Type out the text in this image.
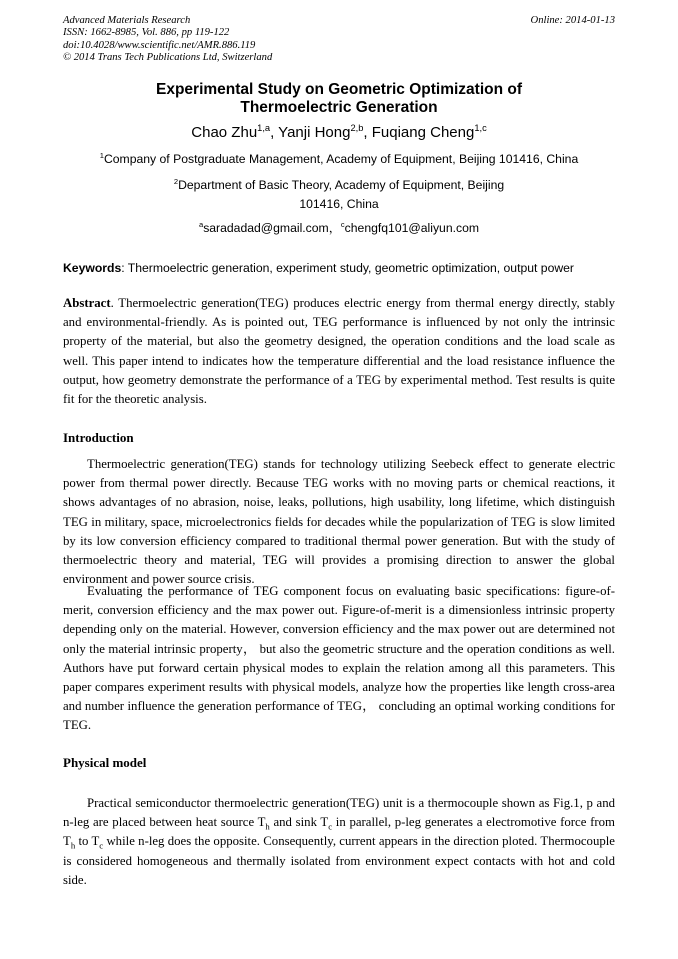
Advanced Materials Research
ISSN: 1662-8985, Vol. 886, pp 119-122
doi:10.4028/www.scientific.net/AMR.886.119
© 2014 Trans Tech Publications Ltd, Switzerland
Online: 2014-01-13
Experimental Study on Geometric Optimization of
Thermoelectric Generation
Chao Zhu$^{1,a}$, Yanji Hong$^{2,b}$, Fuqiang Cheng$^{1,c}$
$^1$Company of Postgraduate Management, Academy of Equipment, Beijing 101416, China
$^2$Department of Basic Theory, Academy of Equipment, Beijing
101416, China
$^a$saradadad@gmail.com，$^c$chengfq101@aliyun.com
Keywords: Thermoelectric generation, experiment study, geometric optimization, output power
Abstract. Thermoelectric generation(TEG) produces electric energy from thermal energy directly, stably and environmental-friendly. As is pointed out, TEG performance is influenced by not only the intrinsic property of the material, but also the geometry designed, the operation conditions and the load scale as well. This paper intend to indicates how the temperature differential and the load resistance influence the output, how geometry demonstrate the performance of a TEG by experimental method. Test results is quite fit for the theoretic analysis.
Introduction
Thermoelectric generation(TEG) stands for technology utilizing Seebeck effect to generate electric power from thermal power directly. Because TEG works with no moving parts or chemical reactions, it shows advantages of no abrasion, noise, leaks, pollutions, high usability, long lifetime, which distinguish TEG in military, space, microelectronics fields for decades while the popularization of TEG is slow limited by its low conversion efficiency compared to traditional thermal power generation. But with the study of thermoelectric theory and material, TEG will provides a promising direction to answer the global environment and power source crisis.
Evaluating the performance of TEG component focus on evaluating basic specifications: figure-of-merit, conversion efficiency and the max power out. Figure-of-merit is a dimensionless intrinsic property depending only on the material. However, conversion efficiency and the max power out are determined not only the material intrinsic property， but also the geometric structure and the operation conditions as well. Authors have put forward certain physical modes to explain the relation among all this parameters. This paper compares experiment results with physical models, analyze how the properties like length cross-area and number influence the generation performance of TEG， concluding an optimal working conditions for TEG.
Physical model
Practical semiconductor thermoelectric generation(TEG) unit is a thermocouple shown as Fig.1, p and n-leg are placed between heat source $T_h$ and sink $T_c$ in parallel, p-leg generates a electromotive force from $T_h$ to $T_c$ while n-leg does the opposite. Consequently, current appears in the direction ploted. Thermocouple is considered homogeneous and thermally isolated from environment expect contacts with hot and cold side.
